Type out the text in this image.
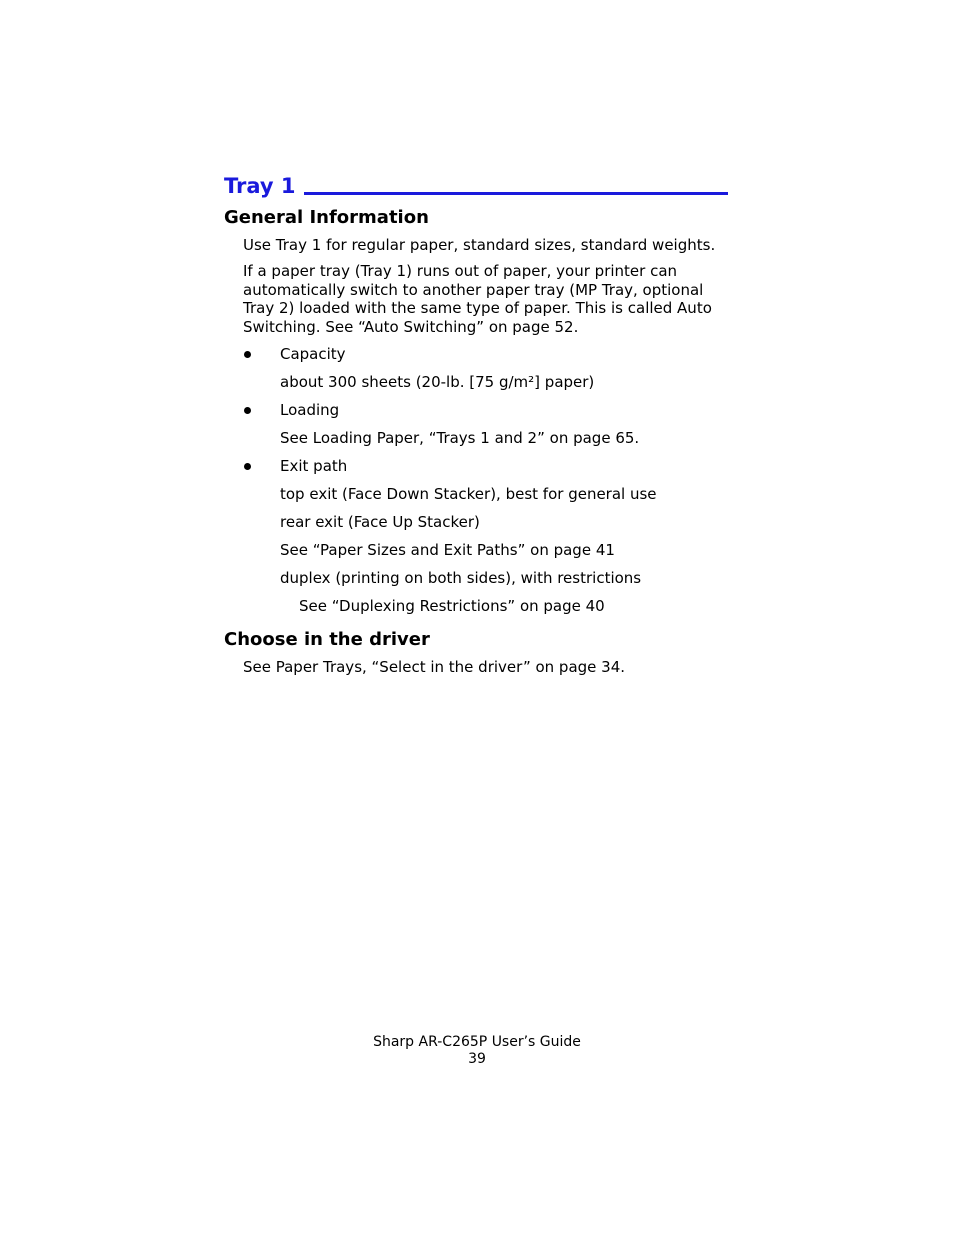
Tray 1
General Information
Use Tray 1 for regular paper, standard sizes, standard weights.
If a paper tray (Tray 1) runs out of paper, your printer can
automatically switch to another paper tray (MP Tray, optional
Tray 2) loaded with the same type of paper. This is called Auto
Switching. See “Auto Switching” on page 52.
Capacity
about 300 sheets (20-lb. [75 g/m²] paper)
Loading
See Loading Paper, “Trays 1 and 2” on page 65.
Exit path
top exit (Face Down Stacker), best for general use
rear exit (Face Up Stacker)
See “Paper Sizes and Exit Paths” on page 41
duplex (printing on both sides), with restrictions
See “Duplexing Restrictions” on page 40
Choose in the driver
See Paper Trays, “Select in the driver” on page 34.
Sharp AR-C265P User’s Guide
39
